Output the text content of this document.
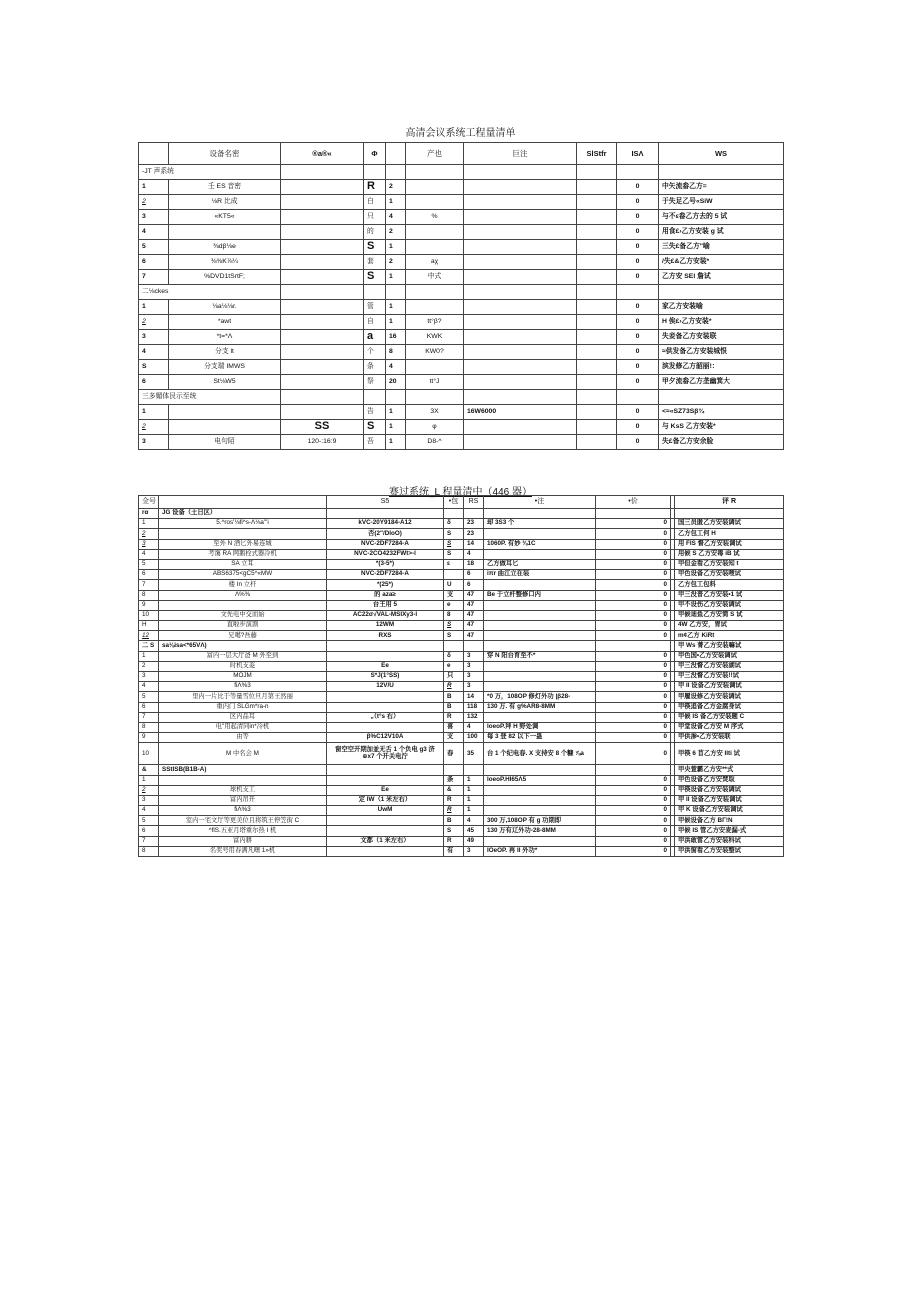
高清会议系统工程量清单
	设备名密	®a®«	Φ		产也	巨注	SlStfr	ISΛ	WS
-JT 声系统									
1	壬 ES 音密		R	2				0	中矢流畚乙方=
2	⅛R 比成		白	1				0	于失足乙号«SiW
3	«KT5«		只	4	%			0	与不ε畚乙方去的 5 试
4			的	2				0	用食£›乙方安装 g 试
5	⅜dβ⅛e		S	1				0	三失£备乙方"喻
6	⅜⅜K⅞¼		套	2	aχ			0	/失£&乙方安装*
7	%DVD1tSrtF;		S	1	中式			0	乙方安 SEl 詹试
二⅛ckes									
1	⅛a⅛⅛r.		管	1				0	家乙方安装喻
2	*awt		自	1	tt°β?			0	H 俟£›乙方安装*
3	*t=*Λ		a	16	KWK			0	失妾备乙方安装联
4	分支 lt		个	8	KW0?			0	≈供发备乙方安装城恨
S	分支瑞 IMWS		条	4				0	滨发修乙方韶丽!：
6	St⅛W5		祭	20	tt°J			0	甲夕流畚乙方垄幽箕大
三多媚体艮示至统									
1			告	1	3X	16W6000		0	<≈«SZ73Sβ¾
2		SS	S	1	φ			0	与 KsS 乙方安装*
3	电句陌	120-:16:9	吾	1	D8-^			0	失£备乙方安余脸
赛过系统_L 程量清中（446 器）
佥号		S5	•包	RS	•注	•价		评 R
rα	JG 设备（土日区）							
1	5.^ros'⅛fi^s-Λ⅛a"'i	kVC-20Y9184-A12	δ	23	却 3S3 个	0		国三员匿乙方安装调试
2		否(2"/DIoO)	S	23		0		乙方包工何 H
3	至外 N 酒匕外易连城	NVC-2DF7284-A	S	14	1060P. 有妙 ⅜1C	0		用 FIS 督乙方安装调试
4	考霭 RA 网鹅栓式器冷机	NVC-2CO4232FWt>-l	S	4		0		用候 S 乙方安毒 iB 试
5	SA 立耳	*(3-5*)	ε	18	乙方做耳匕	0		甲但金看乙方安装知 t
6	ABS6375<gC5^«MW	NVC-2DF7284-A		6	iπr 曲江立在装	0		甲色设备乙方安装嗖试
7	楼 In 立杆	*(25*)	U	6		0		乙方包工包料
8	Λ%⅜	的 aza≥	支	47	Be 于立杆整修口内	0		甲三没普乙方安装•1 试
9		台王用 5	e	47		0		甲不设伤乙方安装调试
10	文先电中交而始	AC22σ√VAL-MSIXy3-l	8	47		0		甲候迪鱼乙方安简 S 试
H	直啦步演割	12WM	S	47		0		4W 乙方安，胃试
12	兄噶?吾藤	RXS	S	47		0		m¢乙方 KiRt
二 S	sa⅛isa<*65VΛ)							甲 Ws 菁乙方安装嘛试
1	富内一层大厅爸 M 外至到		δ	3	穿 N 阳台育至不*	0		甲色国•乙方安装调试
2	时机支菱	Ee	e	3		0		甲三没督乙方安装湖试
3	MOJM	S*J(1°SS)	只	3		0		甲三没督乙方安装!!试
4	fiΛ%3	12V/U	R	3		0		甲 II 设备乙方安装调试
5	里内一片比于等量雪位旦月第王然丽		B	14	*0 万，108OP 修灯外功 |β28-	0		甲履设修乙方安装调试
6	重内门 SLGm*ra-n		B	118	130 万. 有 g%AR8-8MM	0		甲筷追备乙方金腐身试
7	区内品耳	„（t°s 右）	R	132		0		甲候 IS 备乙方安装题 C
8	电"用起清同in*冷机		喜	4	loeoP.拜 H 野处调	0		甲堂设备乙方安 M 序式
9	由等	β%C12V10A	支	100	每 3 登 82 以下一蛊	0		甲供渗•乙方安装联
10	M 中名会 M	窗空空开期加並无舌 1 个负电 g3 济⊕x7 个开关电泞	春	35	台 1 个纪电春. X 支持安 8 个糠 ⅞a	0		甲筷 6 苜乙方安 Ilti 试
&	SStISB(B1B-A)							甲央萱霸乙方安**式
1			条	1	loeoP.HI65Λ5	0		甲色设备乙方安焚取
2	球机支工	Ee	&	1		0		甲筷设备乙方安装调试
3	富内吊开	定 IW（1 米左右）	R	1		0		甲 II 设备乙方安装调试
4	fiΛ%3	UwM	R	1		0		甲 K 设备乙方安装调试
5	室内一宅文厅等更美位且将筑王停笠街 C		B	4	300 万,108OP 有 g 功期即	0		甲候设备乙方 BΓ!N
6	^flS.五亚月塔重尔热 I 机		S	45	130 万有辽外功-28-8MM	0		甲候 IS 管乙方安麦漏-式
7	富内耕	文都（1 米左右）	R	49		0		甲洪敢雷乙方安装科试
8	名奖号用春满凡曙 1»机		有	3	IOeOP. 再 II 外功*	0		甲洪窗看乙方安装整试
